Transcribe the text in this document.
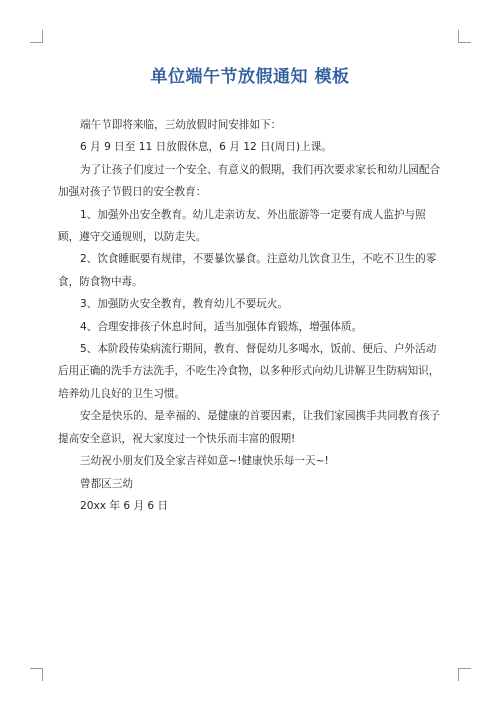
单位端午节放假通知 模板

端午节即将来临，三幼放假时间安排如下：

6 月 9 日至 11 日放假休息，6 月 12 日(周日)上课。

为了让孩子们度过一个安全、有意义的假期，我们再次要求家长和幼儿园配合加强对孩子节假日的安全教育：

1、加强外出安全教育。幼儿走亲访友、外出旅游等一定要有成人监护与照顾，遵守交通规则，以防走失。

2、饮食睡眠要有规律，不要暴饮暴食。注意幼儿饮食卫生，不吃不卫生的零食，防食物中毒。

3、加强防火安全教育，教育幼儿不要玩火。

4、合理安排孩子休息时间，适当加强体育锻炼，增强体质。

5、本阶段传染病流行期间，教育、督促幼儿多喝水，饭前、便后、户外活动后用正确的洗手方法洗手，不吃生冷食物，以多种形式向幼儿讲解卫生防病知识，培养幼儿良好的卫生习惯。

安全是快乐的、是幸福的、是健康的首要因素，让我们家园携手共同教育孩子提高安全意识，祝大家度过一个快乐而丰富的假期!

三幼祝小朋友们及全家吉祥如意~!健康快乐每一天~!

曾都区三幼

20xx 年 6 月 6 日
